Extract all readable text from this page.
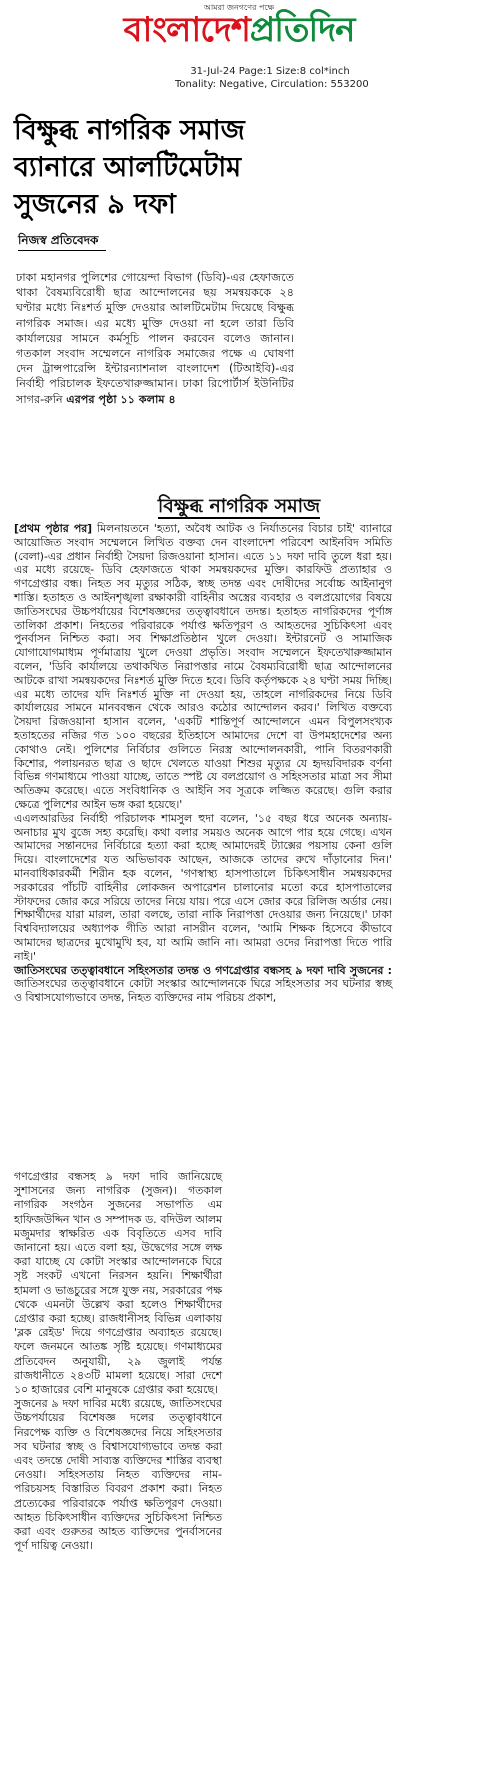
আমরা জনগণের পক্ষে
বাংলাদেশপ্রতিদিন
31-Jul-24 Page:1 Size:8 col*inch
Tonality: Negative, Circulation: 553200
বিক্ষুব্ধ নাগরিক সমাজ
ব্যানারে আলটিমেটাম
সুজনের ৯ দফা
নিজস্ব প্রতিবেদক
ঢাকা মহানগর পুলিশের গোয়েন্দা বিভাগ (ডিবি)-এর হেফাজতে থাকা বৈষম্যবিরোধী ছাত্র আন্দোলনের ছয় সমন্বয়ককে ২৪ ঘণ্টার মধ্যে নিঃশর্ত মুক্তি দেওয়ার আলটিমেটাম দিয়েছে বিক্ষুব্ধ নাগরিক সমাজ। এর মধ্যে মুক্তি দেওয়া না হলে তারা ডিবি কার্যালয়ের সামনে কর্মসূচি পালন করবেন বলেও জানান। গতকাল সংবাদ সম্মেলনে নাগরিক সমাজের পক্ষে এ ঘোষণা দেন ট্রান্সপারেন্সি ইন্টারন্যাশনাল বাংলাদেশ (টিআইবি)-এর নির্বাহী পরিচালক ইফতেখারুজ্জামান। ঢাকা রিপোর্টার্স ইউনিটির সাগর-রুনি এরপর পৃষ্ঠা ১১ কলাম ৪
বিক্ষুব্ধ নাগরিক সমাজ

[প্রথম পৃষ্ঠার পর] মিলনায়তনে 'হত্যা, অবৈধ আটক ও নির্যাতনের বিচার চাই' ব্যানারে আয়োজিত সংবাদ সম্মেলনে লিখিত বক্তব্য দেন বাংলাদেশ পরিবেশ আইনবিদ সমিতি (বেলা)-এর প্রধান নির্বাহী সৈয়দা রিজওয়ানা হাসান। এতে ১১ দফা দাবি তুলে ধরা হয়। এর মধ্যে রয়েছে- ডিবি হেফাজতে থাকা সমন্বয়কদের মুক্তি। কারফিউ প্রত্যাহার ও গণগ্রেপ্তার বন্ধ। নিহত সব মৃত্যুর সঠিক, স্বচ্ছ তদন্ত এবং দোষীদের সর্বোচ্চ আইনানুগ শাস্তি। হতাহত ও আইনশৃঙ্খলা রক্ষাকারী বাহিনীর অস্ত্রের ব্যবহার ও বলপ্রয়োগের বিষয়ে জাতিসংঘের উচ্চপর্যায়ের বিশেষজ্ঞদের তত্ত্বাবধানে তদন্ত। হতাহত নাগরিকদের পূর্ণাঙ্গ তালিকা প্রকাশ। নিহতের পরিবারকে পর্যাপ্ত ক্ষতিপূরণ ও আহতদের সুচিকিৎসা এবং পুনর্বাসন নিশ্চিত করা। সব শিক্ষাপ্রতিষ্ঠান খুলে দেওয়া। ইন্টারনেট ও সামাজিক যোগাযোগমাধ্যম পূর্ণমাত্রায় খুলে দেওয়া প্রভৃতি। সংবাদ সম্মেলনে ইফতেখারুজ্জামান বলেন, 'ডিবি কার্যালয়ে তথাকথিত নিরাপত্তার নামে বৈষম্যবিরোধী ছাত্র আন্দোলনের আটকে রাখা সমন্বয়কদের নিঃশর্ত মুক্তি দিতে হবে। ডিবি কর্তৃপক্ষকে ২৪ ঘণ্টা সময় দিচ্ছি। এর মধ্যে তাদের যদি নিঃশর্ত মুক্তি না দেওয়া হয়, তাহলে নাগরিকদের নিয়ে ডিবি কার্যালয়ের সামনে মানববন্ধন থেকে আরও কঠোর আন্দোলন করব।' লিখিত বক্তব্যে সৈয়দা রিজওয়ানা হাসান বলেন, 'একটি শান্তিপূর্ণ আন্দোলনে এমন বিপুলসংখ্যক হতাহতের নজির গত ১০০ বছরের ইতিহাসে আমাদের দেশে বা উপমহাদেশের অন্য কোথাও নেই। পুলিশের নির্বিচার গুলিতে নিরস্ত্র আন্দোলনকারী, পানি বিতরণকারী কিশোর, পলায়নরত ছাত্র ও ছাদে খেলতে যাওয়া শিশুর মৃত্যুর যে হৃদয়বিদারক বর্ণনা বিভিন্ন গণমাধ্যমে পাওয়া যাচ্ছে, তাতে স্পষ্ট যে বলপ্রয়োগ ও সহিংসতার মাত্রা সব সীমা অতিক্রম করেছে। এতে সংবিধানিক ও আইনি সব সূত্রকে লজ্জিত করেছে। গুলি করার ক্ষেত্রে পুলিশের আইন ভঙ্গ করা হয়েছে।'

এএলআরডির নির্বাহী পরিচালক শামসুল হুদা বলেন, '১৫ বছর ধরে অনেক অন্যায়-অনাচার মুখ বুজে সহ্য করেছি। কথা বলার সময়ও অনেক আগে পার হয়ে গেছে। এখন আমাদের সন্তানদের নির্বিচারে হত্যা করা হচ্ছে আমাদেরই ট্যাক্সের পয়সায় কেনা গুলি দিয়ে। বাংলাদেশের যত অভিভাবক আছেন, আজকে তাদের রুখে দাঁড়ানোর দিন।' মানবাধিকারকর্মী শিরীন হক বলেন, 'গণস্বাস্থ্য হাসপাতালে চিকিৎসাধীন সমন্বয়কদের সরকারের পাঁচটি বাহিনীর লোকজন অপারেশন চালানোর মতো করে হাসপাতালের স্টাফদের জোর করে সরিয়ে তাদের নিয়ে যায়। পরে এসে জোর করে রিলিজ অর্ডার নেয়। শিক্ষার্থীদের যারা মারল, তারা বলছে, তারা নাকি নিরাপত্তা দেওয়ার জন্য নিয়েছে।' ঢাকা বিশ্ববিদ্যালয়ের অধ্যাপক গীতি আরা নাসরীন বলেন, 'আমি শিক্ষক হিসেবে কীভাবে আমাদের ছাত্রদের মুখোমুখি হব, যা আমি জানি না। আমরা ওদের নিরাপত্তা দিতে পারি নাই।'

জাতিসংঘের তত্ত্বাবধানে সহিংসতার তদন্ত ও গণগ্রেপ্তার বন্ধসহ ৯ দফা দাবি সুজনের : জাতিসংঘের তত্ত্বাবধানে কোটা সংস্কার আন্দোলনকে ঘিরে সহিংসতার সব ঘটনার স্বচ্ছ ও বিশ্বাসযোগ্যভাবে তদন্ত, নিহত ব্যক্তিদের নাম পরিচয় প্রকাশ,

গণগ্রেপ্তার বন্ধসহ ৯ দফা দাবি জানিয়েছে সুশাসনের জন্য নাগরিক (সুজন)। গতকাল নাগরিক সংগঠন সুজনের সভাপতি এম হাফিজউদ্দিন খান ও সম্পাদক ড. বদিউল আলম মজুমদার স্বাক্ষরিত এক বিবৃতিতে এসব দাবি জানানো হয়। এতে বলা হয়, উদ্বেগের সঙ্গে লক্ষ করা যাচ্ছে যে কোটা সংস্কার আন্দোলনকে ঘিরে সৃষ্ট সংকট এখনো নিরসন হয়নি। শিক্ষার্থীরা হামলা ও ভাঙচুরের সঙ্গে যুক্ত নয়, সরকারের পক্ষ থেকে এমনটা উল্লেখ করা হলেও শিক্ষার্থীদের গ্রেপ্তার করা হচ্ছে। রাজধানীসহ বিভিন্ন এলাকায় 'ব্লক রেইড' দিয়ে গণগ্রেপ্তার অব্যাহত রয়েছে। ফলে জনমনে আতঙ্ক সৃষ্টি হয়েছে। গণমাধ্যমের প্রতিবেদন অনুযায়ী, ২৯ জুলাই পর্যন্ত রাজধানীতে ২৪৩টি মামলা হয়েছে। সারা দেশে ১০ হাজারের বেশি মানুষকে গ্রেপ্তার করা হয়েছে।

সুজনের ৯ দফা দাবির মধ্যে রয়েছে, জাতিসংঘের উচ্চপর্যায়ের বিশেষজ্ঞ দলের তত্ত্বাবধানে নিরপেক্ষ ব্যক্তি ও বিশেষজ্ঞদের নিয়ে সহিংসতার সব ঘটনার স্বচ্ছ ও বিশ্বাসযোগ্যভাবে তদন্ত করা এবং তদন্তে দোষী সাব্যস্ত ব্যক্তিদের শাস্তির ব্যবস্থা নেওয়া। সহিংসতায় নিহত ব্যক্তিদের নাম-পরিচয়সহ বিস্তারিত বিবরণ প্রকাশ করা। নিহত প্রত্যেকের পরিবারকে পর্যাপ্ত ক্ষতিপূরণ দেওয়া। আহত চিকিৎসাধীন ব্যক্তিদের সুচিকিৎসা নিশ্চিত করা এবং গুরুতর আহত ব্যক্তিদের পুনর্বাসনের পূর্ণ দায়িত্ব নেওয়া।
